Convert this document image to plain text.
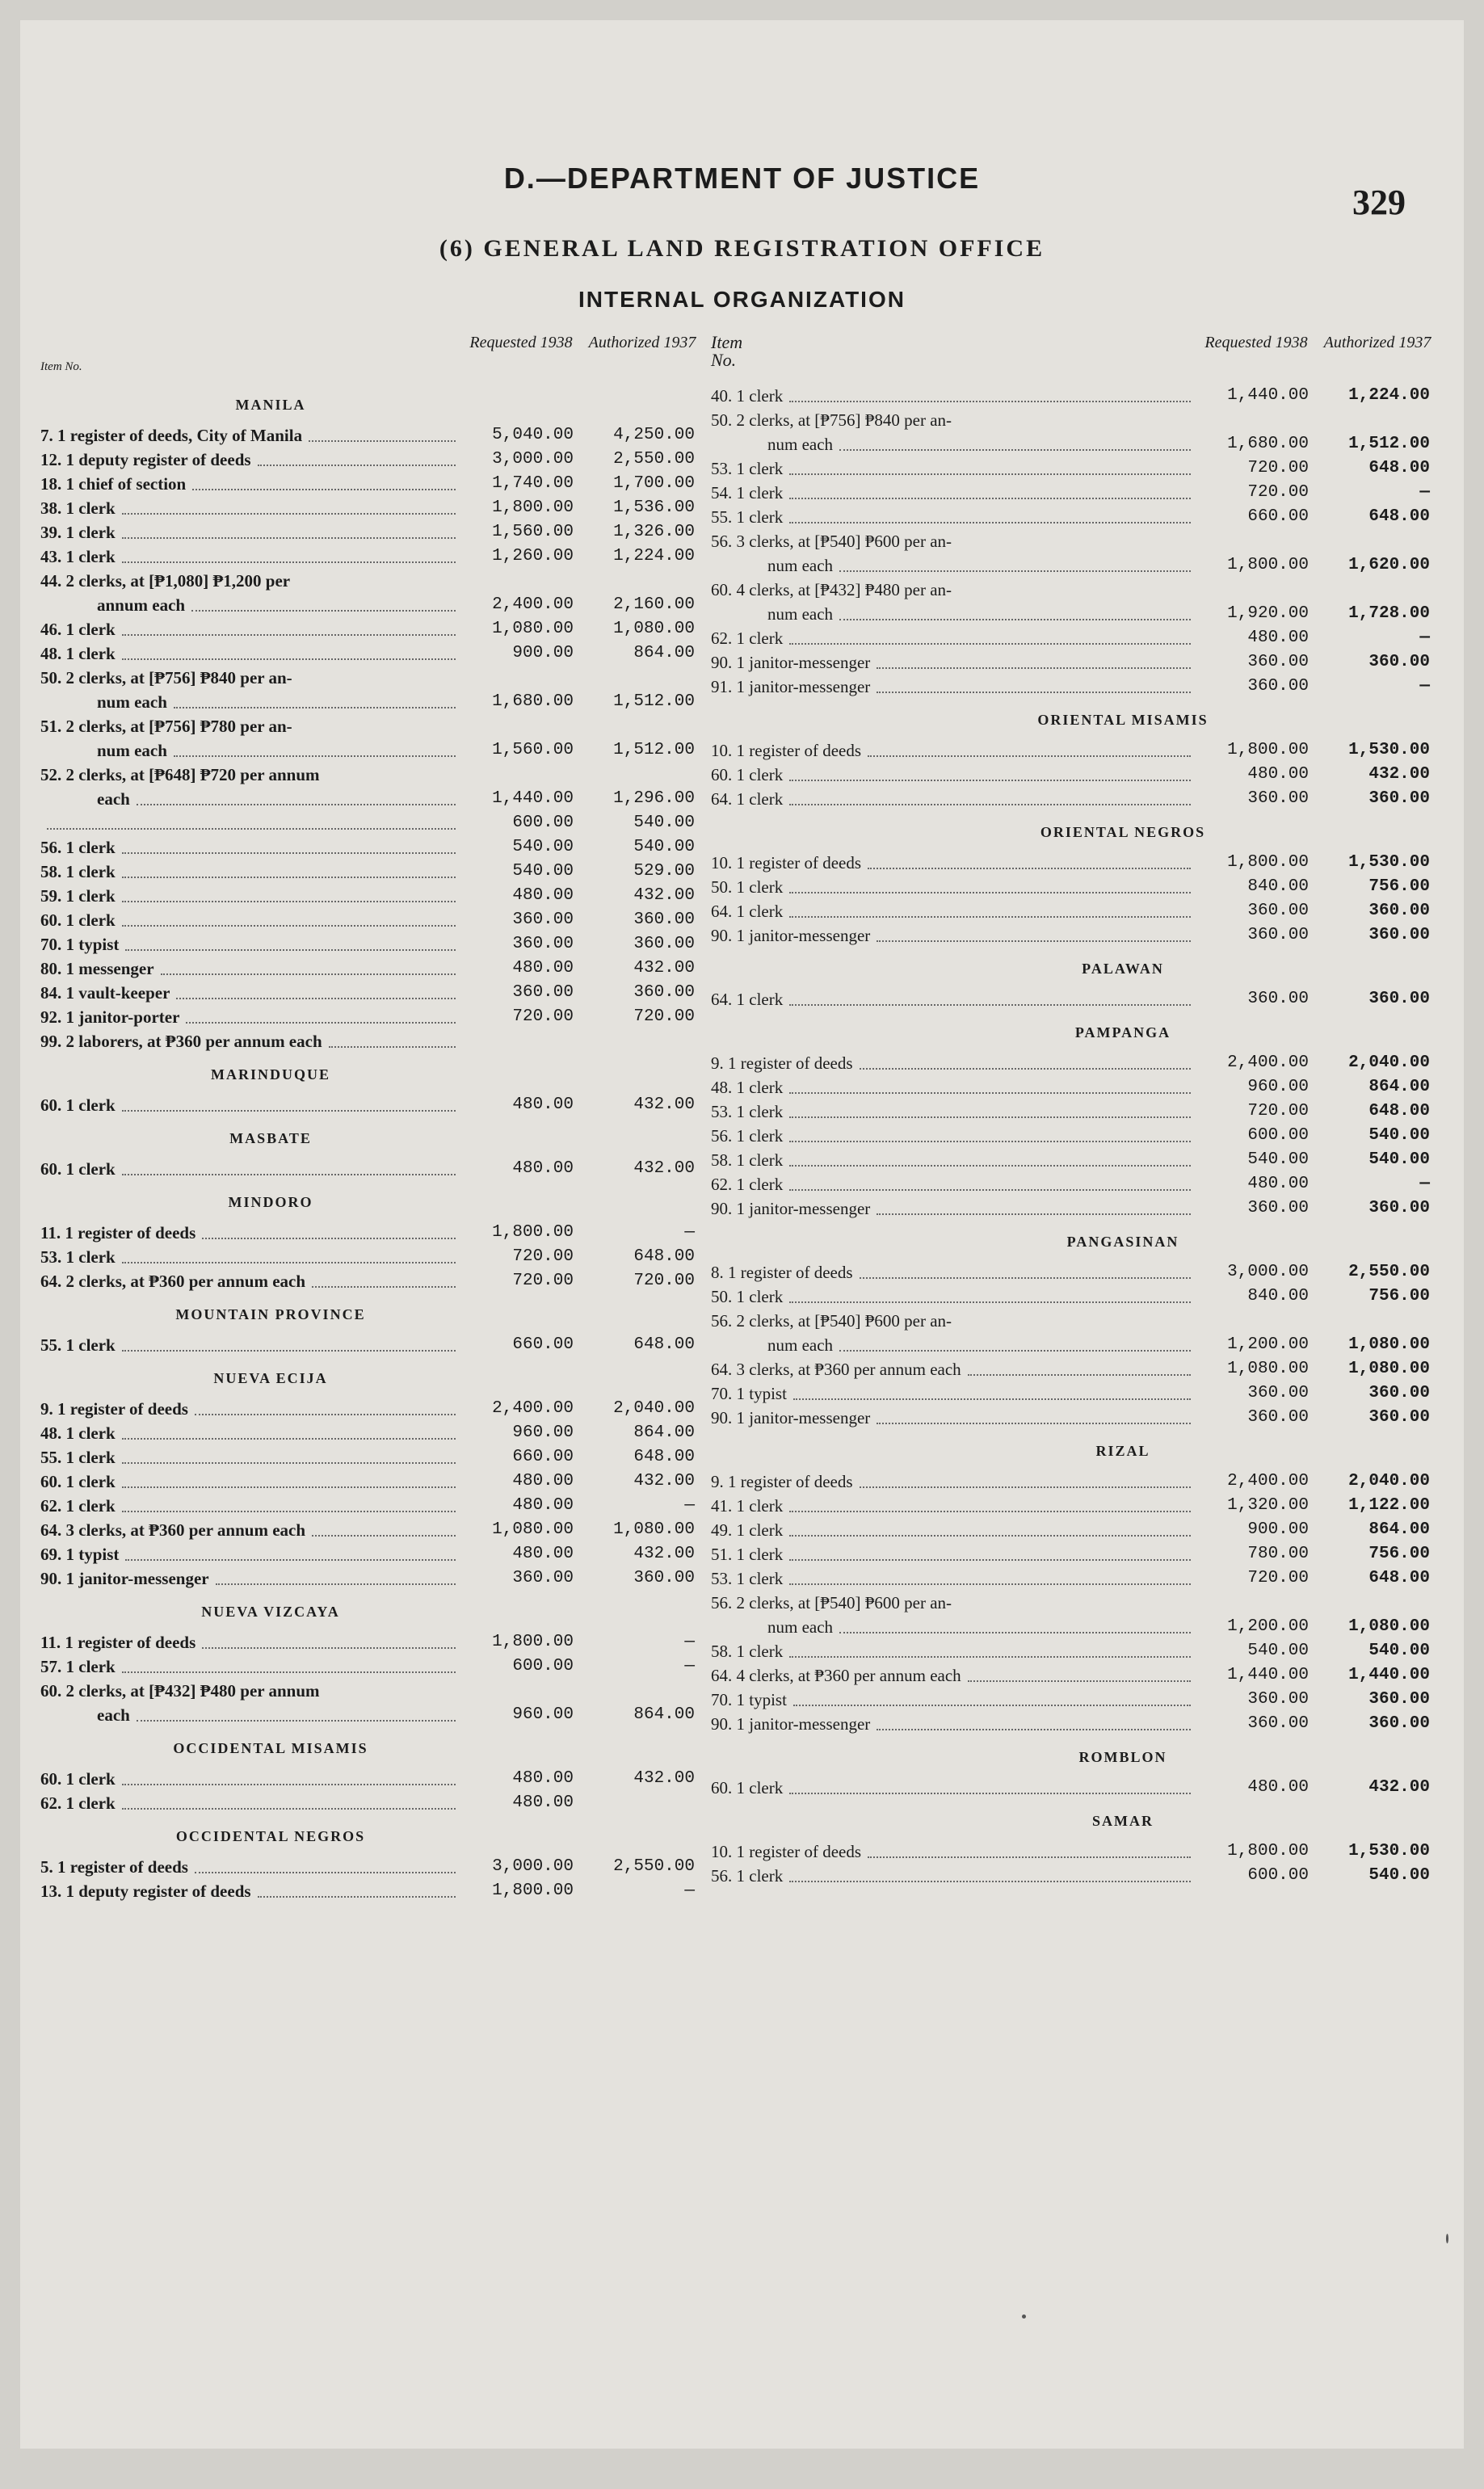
D.—DEPARTMENT OF JUSTICE
329
(6) GENERAL LAND REGISTRATION OFFICE
INTERNAL ORGANIZATION
Item No.
Requested 1938	Authorized 1937
MANILA
7. 1 register of deeds, City of Manila	5,040.00	4,250.00
12. 1 deputy register of deeds	3,000.00	2,550.00
18. 1 chief of section	1,740.00	1,700.00
38. 1 clerk	1,800.00	1,536.00
39. 1 clerk	1,560.00	1,326.00
43. 1 clerk	1,260.00	1,224.00
44. 2 clerks, at [₱1,080] ₱1,200 per
annum each	2,400.00	2,160.00
46. 1 clerk	1,080.00	1,080.00
48. 1 clerk	900.00	864.00
50. 2 clerks, at [₱756] ₱840 per an-
num each	1,680.00	1,512.00
51. 2 clerks, at [₱756] ₱780 per an-
num each	1,560.00	1,512.00
52. 2 clerks, at [₱648] ₱720 per annum
each	1,440.00	1,296.00
600.00	540.00
56. 1 clerk	540.00	540.00
58. 1 clerk	540.00	529.00
59. 1 clerk	480.00	432.00
60. 1 clerk	360.00	360.00
70. 1 typist	360.00	360.00
80. 1 messenger	480.00	432.00
84. 1 vault-keeper	360.00	360.00
92. 1 janitor-porter	720.00	720.00
99. 2 laborers, at ₱360 per annum each
MARINDUQUE
60. 1 clerk	480.00	432.00
MASBATE
60. 1 clerk	480.00	432.00
MINDORO
11. 1 register of deeds	1,800.00	—
53. 1 clerk	720.00	648.00
64. 2 clerks, at ₱360 per annum each	720.00	720.00
MOUNTAIN PROVINCE
55. 1 clerk	660.00	648.00
NUEVA ECIJA
9. 1 register of deeds	2,400.00	2,040.00
48. 1 clerk	960.00	864.00
55. 1 clerk	660.00	648.00
60. 1 clerk	480.00	432.00
62. 1 clerk	480.00	—
64. 3 clerks, at ₱360 per annum each	1,080.00	1,080.00
69. 1 typist	480.00	432.00
90. 1 janitor-messenger	360.00	360.00
NUEVA VIZCAYA
11. 1 register of deeds	1,800.00	—
57. 1 clerk	600.00	—
60. 2 clerks, at [₱432] ₱480 per annum
each	960.00	864.00
OCCIDENTAL MISAMIS
60. 1 clerk	480.00	432.00
62. 1 clerk	480.00
OCCIDENTAL NEGROS
5. 1 register of deeds	3,000.00	2,550.00
13. 1 deputy register of deeds	1,800.00	—
Item No.
Requested 1938	Authorized 1937
40. 1 clerk	1,440.00	1,224.00
50. 2 clerks, at [₱756] ₱840 per an-
num each	1,680.00	1,512.00
53. 1 clerk	720.00	648.00
54. 1 clerk	720.00	—
55. 1 clerk	660.00	648.00
56. 3 clerks, at [₱540] ₱600 per an-
num each	1,800.00	1,620.00
60. 4 clerks, at [₱432] ₱480 per an-
num each	1,920.00	1,728.00
62. 1 clerk	480.00	—
90. 1 janitor-messenger	360.00	360.00
91. 1 janitor-messenger	360.00	—
ORIENTAL MISAMIS
10. 1 register of deeds	1,800.00	1,530.00
60. 1 clerk	480.00	432.00
64. 1 clerk	360.00	360.00
ORIENTAL NEGROS
10. 1 register of deeds	1,800.00	1,530.00
50. 1 clerk	840.00	756.00
64. 1 clerk	360.00	360.00
90. 1 janitor-messenger	360.00	360.00
PALAWAN
64. 1 clerk	360.00	360.00
PAMPANGA
9. 1 register of deeds	2,400.00	2,040.00
48. 1 clerk	960.00	864.00
53. 1 clerk	720.00	648.00
56. 1 clerk	600.00	540.00
58. 1 clerk	540.00	540.00
62. 1 clerk	480.00	—
90. 1 janitor-messenger	360.00	360.00
PANGASINAN
8. 1 register of deeds	3,000.00	2,550.00
50. 1 clerk	840.00	756.00
56. 2 clerks, at [₱540] ₱600 per an-
num each	1,200.00	1,080.00
64. 3 clerks, at ₱360 per annum each	1,080.00	1,080.00
70. 1 typist	360.00	360.00
90. 1 janitor-messenger	360.00	360.00
RIZAL
9. 1 register of deeds	2,400.00	2,040.00
41. 1 clerk	1,320.00	1,122.00
49. 1 clerk	900.00	864.00
51. 1 clerk	780.00	756.00
53. 1 clerk	720.00	648.00
56. 2 clerks, at [₱540] ₱600 per an-
num each	1,200.00	1,080.00
58. 1 clerk	540.00	540.00
64. 4 clerks, at ₱360 per annum each	1,440.00	1,440.00
70. 1 typist	360.00	360.00
90. 1 janitor-messenger	360.00	360.00
ROMBLON
60. 1 clerk	480.00	432.00
SAMAR
10. 1 register of deeds	1,800.00	1,530.00
56. 1 clerk	600.00	540.00
